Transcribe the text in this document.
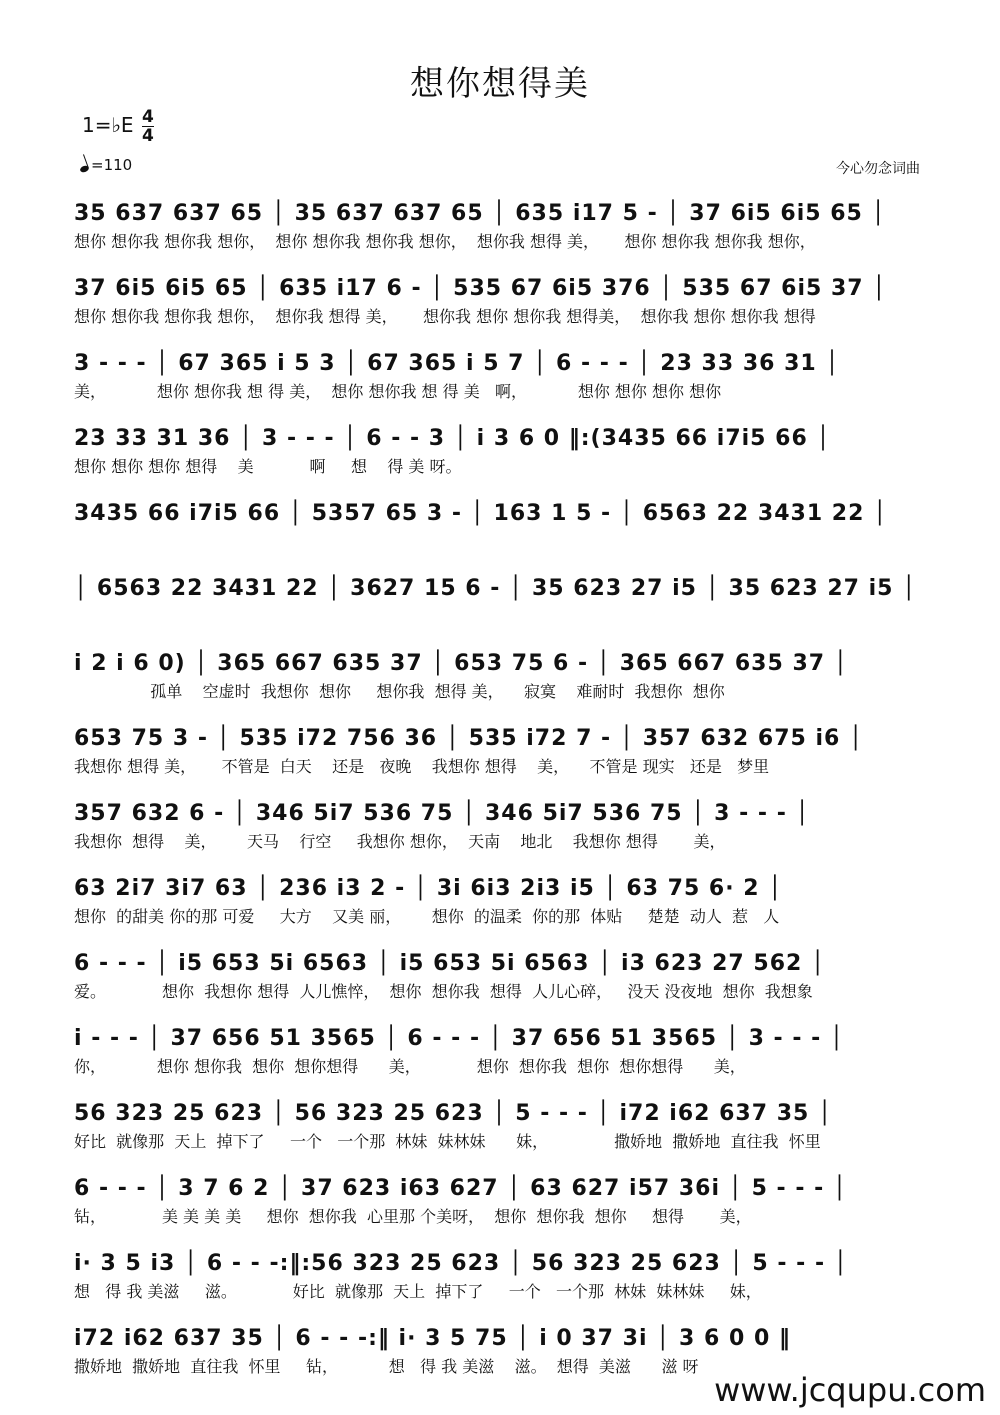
想你想得美
1=♭E $\frac{4}{4}$
=110	今心勿念词曲
35 637 637 65 │ 35 637 637 65 │ 635 i17 5 - │ 37 6i5 6i5 65 │
想你 想你我 想你我 想你，  想你 想你我 想你我 想你，  想你我 想得 美，     想你 想你我 想你我 想你，
37 6i5 6i5 65 │ 635 i17 6 - │ 535 67 6i5 376 │ 535 67 6i5 37 │
想你 想你我 想你我 想你，  想你我 想得 美，     想你我 想你 想你我 想得美，  想你我 想你 想你我 想得
3 - - - │ 67 365 i 5 3 │ 67 365 i 5 7 │ 6 - - - │ 23 33 36 31 │
美，          想你 想你我 想 得 美，  想你 想你我 想 得 美   啊，          想你 想你 想你 想你
23 33 31 36 │ 3 - - - │ 6 - - 3 │ i 3 6 0 ‖:(3435 66 i7i5 66 │
想你 想你 想你 想得    美           啊     想    得 美 呀。
3435 66 i7i5 66 │ 5357 65 3 - │ 163 1 5 - │ 6563 22 3431 22 │
│ 6563 22 3431 22 │ 3627 15 6 - │ 35 623 27 i5 │ 35 623 27 i5 │
i 2 i 6 0) │ 365 667 635 37 │ 653 75 6 - │ 365 667 635 37 │
孤单    空虚时  我想你  想你     想你我  想得 美，    寂寞    难耐时  我想你  想你
653 75 3 - │ 535 i72 756 36 │ 535 i72 7 - │ 357 632 675 i6 │
我想你 想得 美，     不管是  白天    还是   夜晚    我想你 想得    美，    不管是 现实   还是   梦里
357 632 6 - │ 346 5i7 536 75 │ 346 5i7 536 75 │ 3 - - - │
我想你  想得    美，      天马    行空     我想你 想你，  天南    地北    我想你 想得       美，
63 2i7 3i7 63 │ 236 i3 2 - │ 3i 6i3 2i3 i5 │ 63 75 6· 2 │
想你  的甜美 你的那 可爱     大方    又美 丽，      想你  的温柔  你的那  体贴     楚楚  动人  惹   人
6 - - - │ i5 653 5i 6563 │ i5 653 5i 6563 │ i3 623 27 562 │
爱。           想你  我想你 想得  人儿憔悴，  想你  想你我  想得  人儿心碎，   没天 没夜地  想你  我想象
i - - - │ 37 656 51 3565 │ 6 - - - │ 37 656 51 3565 │ 3 - - - │
你，          想你 想你我  想你  想你想得      美，           想你  想你我  想你  想你想得      美，
56 323 25 623 │ 56 323 25 623 │ 5 - - - │ i72 i62 637 35 │
好比  就像那  天上  掉下了     一个   一个那  林妹  妹林妹      妹，             撒娇地  撒娇地  直往我  怀里
6 - - - │ 3 7 6 2 │ 37 623 i63 627 │ 63 627 i57 36i │ 5 - - - │
钻，           美 美 美 美     想你  想你我  心里那 个美呀，  想你  想你我  想你     想得       美，
i· 3 5 i3 │ 6 - - -:‖:56 323 25 623 │ 56 323 25 623 │ 5 - - - │
想   得 我 美滋     滋。           好比  就像那  天上  掉下了     一个   一个那  林妹  妹林妹     妹，
i72 i62 637 35 │ 6 - - -:‖ i· 3 5 75 │ i 0 37 3i │ 3 6 0 0 ‖
撒娇地  撒娇地  直往我  怀里     钻，          想   得 我 美滋    滋。  想得  美滋      滋 呀
www.jcqupu.com
